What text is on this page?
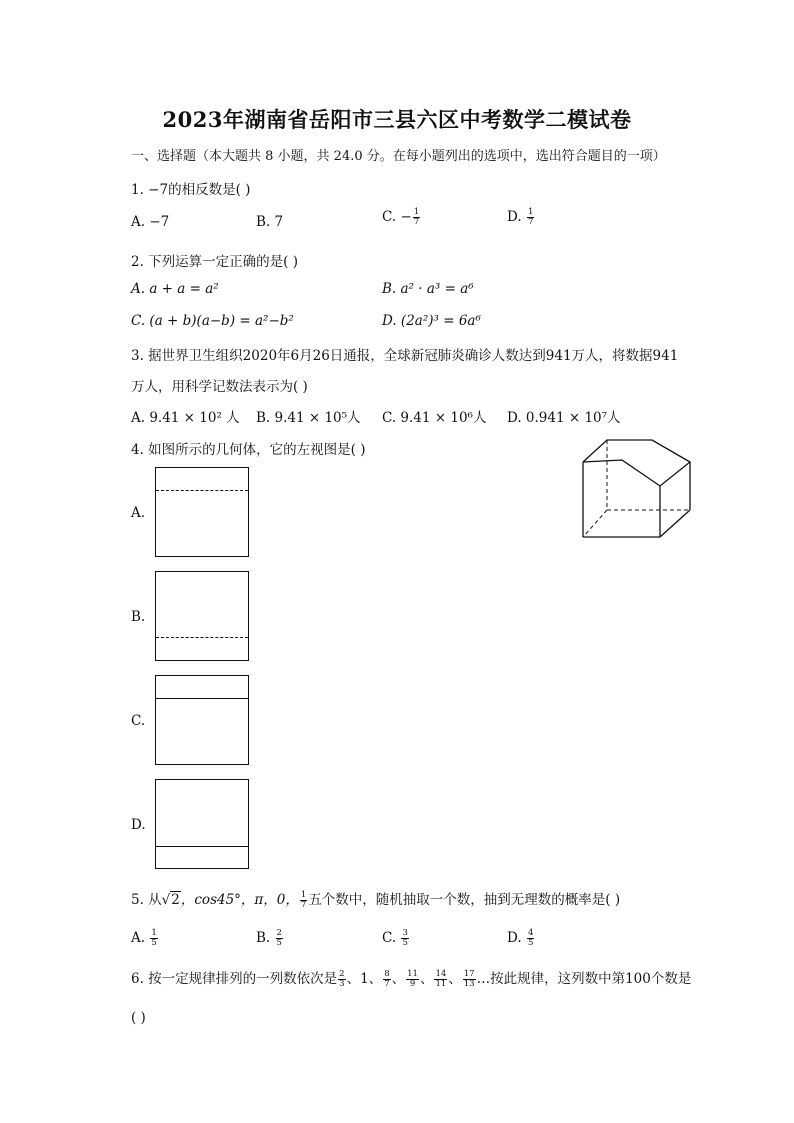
2023年湖南省岳阳市三县六区中考数学二模试卷
一、选择题（本大题共 8 小题，共 24.0 分。在每小题列出的选项中，选出符合题目的一项）
1. −7的相反数是( )
A. −7	B. 7	C. − $\frac{1}{7}$	D. $\frac{1}{7}$
2. 下列运算一定正确的是( )
A. a + a = a²	B. a² · a³ = a⁶
C. (a + b)(a−b) = a²−b²	D. (2a²)³ = 6a⁶
3. 据世界卫生组织2020年6月26日通报，全球新冠肺炎确诊人数达到941万人，将数据941
万人，用科学记数法表示为( )
A. 9.41 × 10² 人 B. 9.41 × 10⁵人 C. 9.41 × 10⁶人 D. 0.941 × 10⁷人
4. 如图所示的几何体，它的左视图是( )
A.
B.
C.
D.
5. 从√2，cos45°，π，0， $\frac{1}{7}$ 五个数中，随机抽取一个数，抽到无理数的概率是( )
A. $\frac{1}{5}$	B. $\frac{2}{5}$	C. $\frac{3}{5}$	D. $\frac{4}{5}$
6. 按一定规律排列的一列数依次是 $\frac{2}{3}$ 、1、 $\frac{8}{7}$ 、 $\frac{11}{9}$ 、 $\frac{14}{11}$ 、 $\frac{17}{13}$ …按此规律，这列数中第100个数是
( )
